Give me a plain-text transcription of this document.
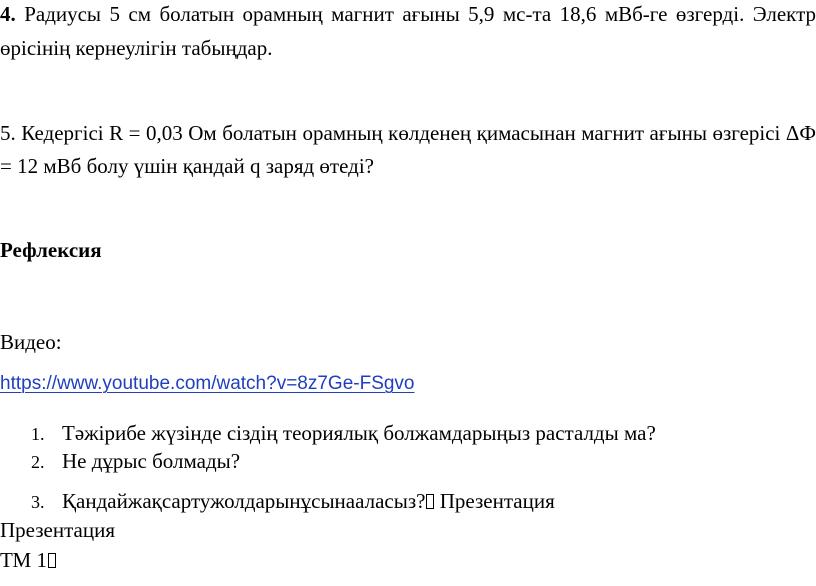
4. Радиусы 5 см болатын орамның магнит ағыны 5,9 мс-та 18,6 мВб-ге өзгерді. Электр
өрісінің кернеулігін табыңдар.
5. Кедергісі R = 0,03 Ом болатын орамның көлденең қимасынан магнит ағыны өзгерісі ΔФ
= 12 мВб болу үшін қандай q заряд өтеді?
Рефлексия
Видео:
https://www.youtube.com/watch?v=8z7Ge-FSgvo
1. Тәжірибе жүзінде сіздің теориялық болжамдарыңыз расталды ма?
2. Не дұрыс болмады?
3. Қандайжақсартужолдарынұсынааласыз? Презентация
Презентация
ТМ 1
